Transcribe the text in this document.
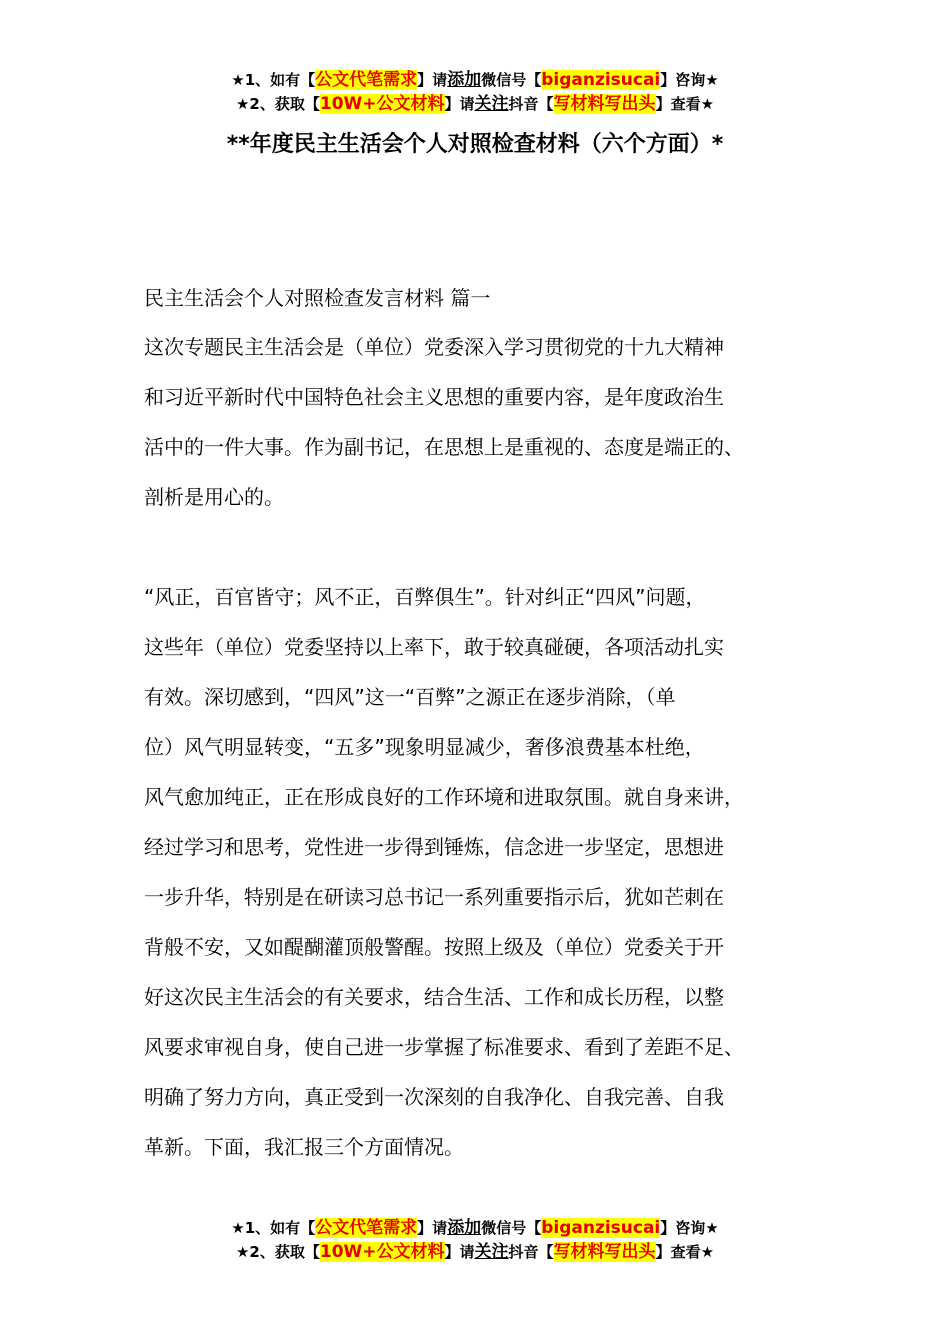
★1、如有【公文代笔需求】请添加微信号【biganzisucai】咨询★
★2、获取【10W+公文材料】请关注抖音【写材料写出头】查看★
**年度民主生活会个人对照检查材料（六个方面）*

民主生活会个人对照检查发言材料 篇一

这次专题民主生活会是（单位）党委深入学习贯彻党的十九大精神

和习近平新时代中国特色社会主义思想的重要内容，是年度政治生

活中的一件大事。作为副书记，在思想上是重视的、态度是端正的、

剖析是用心的。

“风正，百官皆守；风不正，百弊俱生”。针对纠正“四风”问题，

这些年（单位）党委坚持以上率下，敢于较真碰硬，各项活动扎实

有效。深切感到，“四风”这一“百弊”之源正在逐步消除，（单

位）风气明显转变，“五多”现象明显减少，奢侈浪费基本杜绝，

风气愈加纯正，正在形成良好的工作环境和进取氛围。就自身来讲，

经过学习和思考，党性进一步得到锤炼，信念进一步坚定，思想进

一步升华，特别是在研读习总书记一系列重要指示后，犹如芒刺在

背般不安，又如醍醐灌顶般警醒。按照上级及（单位）党委关于开

好这次民主生活会的有关要求，结合生活、工作和成长历程，以整

风要求审视自身，使自己进一步掌握了标准要求、看到了差距不足、

明确了努力方向，真正受到一次深刻的自我净化、自我完善、自我

革新。下面，我汇报三个方面情况。

★1、如有【公文代笔需求】请添加微信号【biganzisucai】咨询★
★2、获取【10W+公文材料】请关注抖音【写材料写出头】查看★
